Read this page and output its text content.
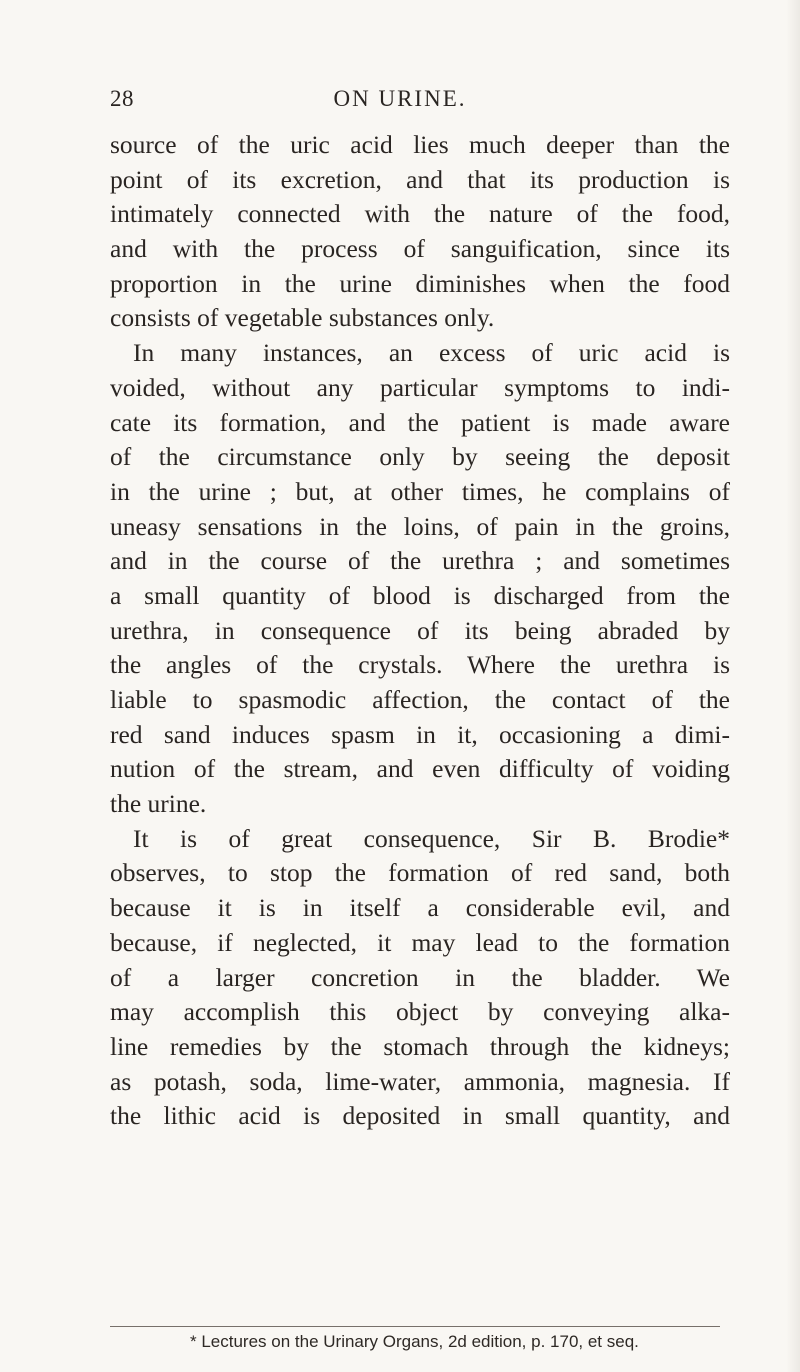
28	ON URINE.
source of the uric acid lies much deeper than the
point of its excretion, and that its production is
intimately connected with the nature of the food,
and with the process of sanguification, since its
proportion in the urine diminishes when the food
consists of vegetable substances only.
In many instances, an excess of uric acid is
voided, without any particular symptoms to indi-
cate its formation, and the patient is made aware
of the circumstance only by seeing the deposit
in the urine ; but, at other times, he complains of
uneasy sensations in the loins, of pain in the groins,
and in the course of the urethra ; and sometimes
a small quantity of blood is discharged from the
urethra, in consequence of its being abraded by
the angles of the crystals. Where the urethra is
liable to spasmodic affection, the contact of the
red sand induces spasm in it, occasioning a dimi-
nution of the stream, and even difficulty of voiding
the urine.
It is of great consequence, Sir B. Brodie*
observes, to stop the formation of red sand, both
because it is in itself a considerable evil, and
because, if neglected, it may lead to the formation
of a larger concretion in the bladder. We
may accomplish this object by conveying alka-
line remedies by the stomach through the kidneys;
as potash, soda, lime-water, ammonia, magnesia. If
the lithic acid is deposited in small quantity, and
* Lectures on the Urinary Organs, 2d edition, p. 170, et seq.
